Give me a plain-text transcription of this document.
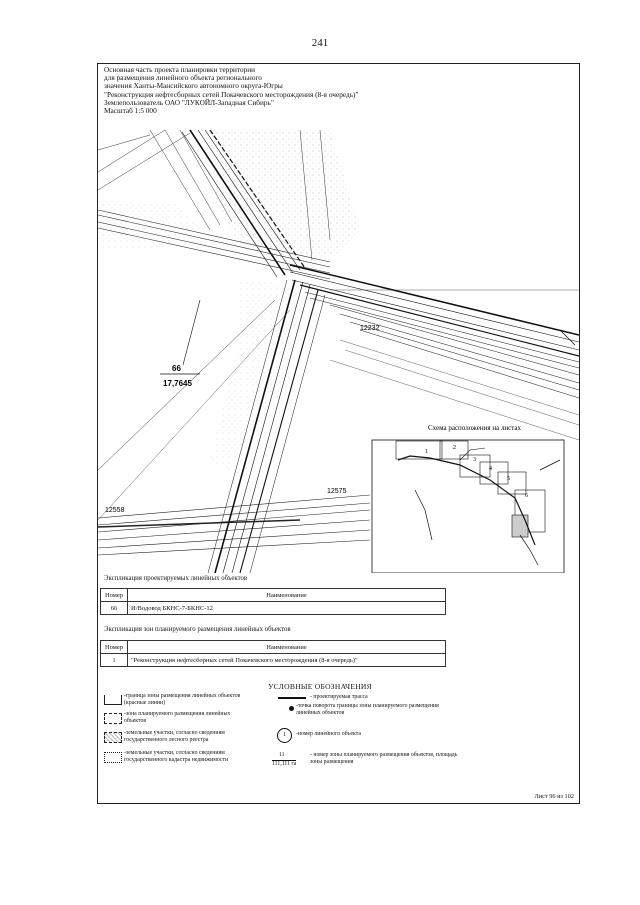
241
Основная часть проекта планировки территории
для размещения линейного объекта регионального
значения Ханты-Мансийского автономного округа-Югры
"Реконструкция нефтесборных сетей Покачевского месторождения (8-я очередь)"
Землепользователь ОАО "ЛУКОЙЛ-Западная Сибирь"
Масштаб 1:5 000
66
17,7645
12232
12575
12558
1
2
3
4
5
6
Схема расположения на листах
Экспликация проектируемых линейных объектов
Номер	Наименование
66	И/Водовод БКНС-7-БКНС-12
Экспликация зон планируемого размещения линейных объектов
Номер	Наименование
1	"Реконструкция нефтесборных сетей Покачевского месторождения (8-я очередь)"
УСЛОВНЫЕ ОБОЗНАЧЕНИЯ
-граница зоны размещения линейных объектов (красные линии)
-зона планируемого размещения линейных объектов
-земельные участки, согласно сведениям государственного лесного реестра
-земельные участки, согласно сведениям государственного кадастра недвижимости
- проектируемая трасса
-точка поворота границы зоны планируемого размещения линейных объектов
1	-номер линейного объекта
11
111,111 га
- номер зоны планируемого размещения объектов, площадь зоны размещения
Лист 96 из 102
